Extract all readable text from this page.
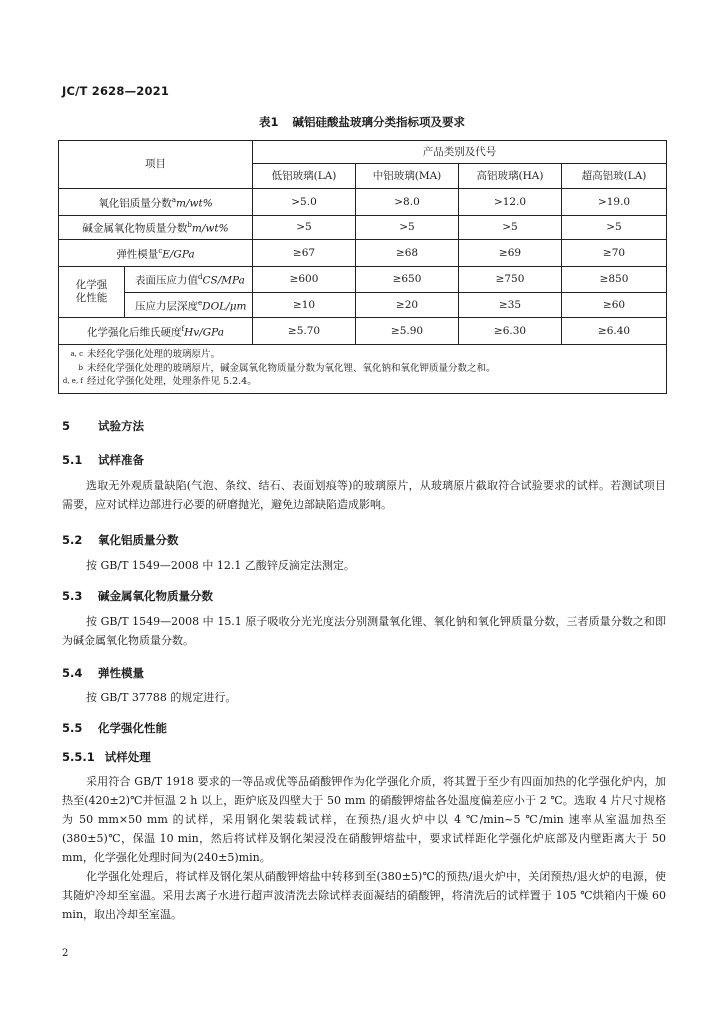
JC/T 2628—2021
表1 碱铝硅酸盐玻璃分类指标项及要求
项目		产品类别及代号			
		低铝玻璃(LA)	中铝玻璃(MA)	高铝玻璃(HA)	超高铝玻(LA)
氧化铝质量分数$^a$m/wt%		>5.0	>8.0	>12.0	>19.0
碱金属氧化物质量分数$^b$m/wt%		>5	>5	>5	>5
弹性模量$^c$E/GPa		≥67	≥68	≥69	≥70
化学强
化性能	表面压应力值$^d$CS/MPa	≥600	≥650	≥750	≥850
	压应力层深度$^e$DOL/μm	≥10	≥20	≥35	≥60
化学强化后维氏硬度$^f$Hv/GPa		≥5.70	≥5.90	≥6.30	≥6.40

a, c 未经化学强化处理的玻璃原片。
b 未经化学强化处理的玻璃原片，碱金属氧化物质量分数为氧化锂、氧化钠和氧化钾质量分数之和。
d, e, f 经过化学强化处理，处理条件见 5.2.4。					
5 试验方法
5.1 试样准备
选取无外观质量缺陷(气泡、条纹、结石、表面划痕等)的玻璃原片，从玻璃原片截取符合试验要求的试样。若测试项目需要，应对试样边部进行必要的研磨抛光，避免边部缺陷造成影响。
5.2 氧化铝质量分数
按 GB/T 1549—2008 中 12.1 乙酸锌反滴定法测定。
5.3 碱金属氧化物质量分数
按 GB/T 1549—2008 中 15.1 原子吸收分光光度法分别测量氧化锂、氧化钠和氧化钾质量分数，三者质量分数之和即为碱金属氧化物质量分数。
5.4 弹性模量
按 GB/T 37788 的规定进行。
5.5 化学强化性能
5.5.1 试样处理
采用符合 GB/T 1918 要求的一等品或优等品硝酸钾作为化学强化介质，将其置于至少有四面加热的化学强化炉内，加热至(420±2)℃并恒温 2 h 以上，距炉底及四壁大于 50 mm 的硝酸钾熔盐各处温度偏差应小于 2 ℃。选取 4 片尺寸规格为 50 mm×50 mm 的试样，采用钢化架装载试样，在预热/退火炉中以 4 ℃/min~5 ℃/min 速率从室温加热至(380±5)℃，保温 10 min，然后将试样及钢化架浸没在硝酸钾熔盐中，要求试样距化学强化炉底部及内壁距离大于 50 mm，化学强化处理时间为(240±5)min。
化学强化处理后，将试样及钢化架从硝酸钾熔盐中转移到至(380±5)℃的预热/退火炉中，关闭预热/退火炉的电源，使其随炉冷却至室温。采用去离子水进行超声波清洗去除试样表面凝结的硝酸钾，将清洗后的试样置于 105 ℃烘箱内干燥 60 min，取出冷却至室温。
2
